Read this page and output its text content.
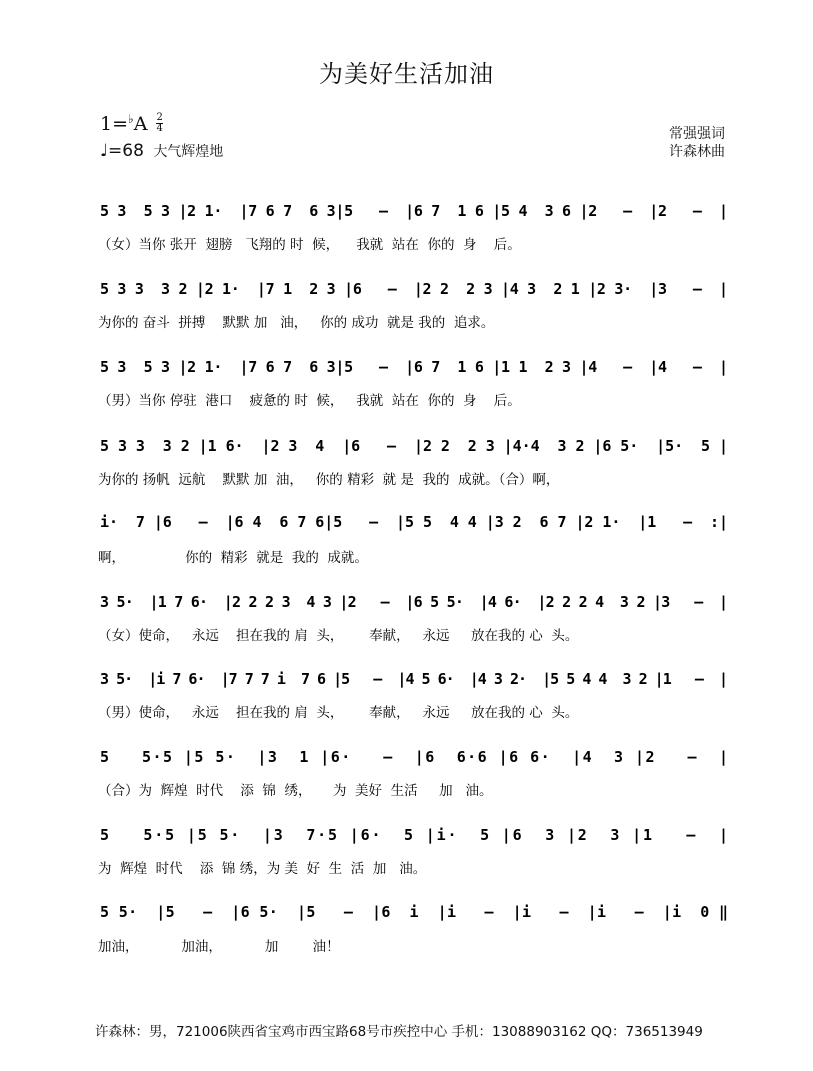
为美好生活加油
$1=^♭A \frac{2}{4}$
♩=68 大气辉煌地
常强强词
许森林曲
5 3  5 3 |2 1·  |7 6 7  6 3|5   –  |6 7  1 6 |5 4  3 6 |2   –  |2   –  |
（女）当你 张开  翅膀   飞翔的 时  候，    我就  站在  你的  身    后。
5 3 3  3 2 |2 1·  |7 1  2 3 |6   –  |2 2  2 3 |4 3  2 1 |2 3·  |3   –  |
为你的 奋斗  拼搏    默默 加   油，   你的 成功  就是 我的  追求。
5 3  5 3 |2 1·  |7 6 7  6 3|5   –  |6 7  1 6 |1 1  2 3 |4   –  |4   –  |
（男）当你 停驻  港口    疲惫的 时  候，   我就  站在  你的  身    后。
5 3 3  3 2 |1 6·  |2 3  4  |6   –  |2 2  2 3 |4·4  3 2 |6 5·  |5·  5 |
为你的 扬帆  远航    默默 加  油，   你的 精彩  就 是  我的  成就。（合）啊，
i·  7 |6   –  |6 4  6 7 6|5   –  |5 5  4 4 |3 2  6 7 |2 1·  |1   –  :|
啊，              你的  精彩  就是  我的  成就。
3 5·  |1 7 6·  |2 2 2 3  4 3 |2   –  |6 5 5·  |4 6·  |2 2 2 4  3 2 |3   –  |
（女）使命，   永远    担在我的 肩  头，      奉献，   永远     放在我的 心  头。
3 5·  |i 7 6·  |7 7 7 i  7 6 |5   –  |4 5 6·  |4 3 2·  |5 5 4 4  3 2 |1   –  |
（男）使命，   永远    担在我的 肩  头，      奉献，   永远     放在我的 心  头。
5   5·5 |5 5·  |3  1 |6·   –  |6  6·6 |6 6·  |4  3 |2   –  |
（合）为  辉煌  时代    添  锦  绣，     为  美好  生活     加   油。
5   5·5 |5 5·  |3  7·5 |6·  5 |i·  5 |6  3 |2  3 |1   –  |
为  辉煌  时代    添  锦 绣，为 美  好  生  活  加   油。
5 5·  |5   –  |6 5·  |5   –  |6  i  |i   –  |i   –  |i   –  |i  0 ‖
加油，          加油，          加        油！
许森林：男，721006陕西省宝鸡市西宝路68号市疾控中心 手机：13088903162 QQ：736513949
